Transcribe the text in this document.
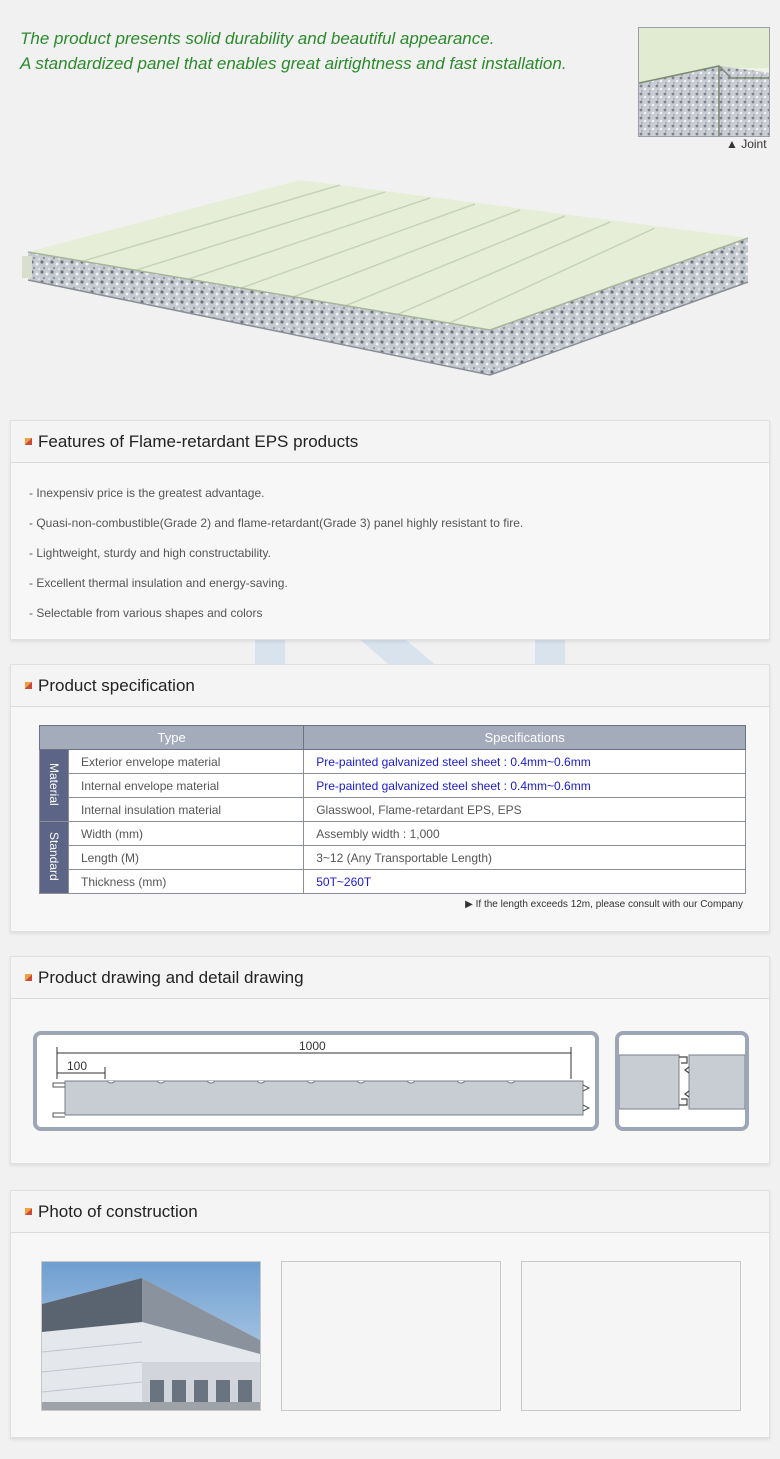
The product presents solid durability and beautiful appearance.
A standardized panel that enables great airtightness and fast installation.
▲ Joint
Features of Flame-retardant EPS products
- Inexpensiv price is the greatest advantage.
- Quasi-non-combustible(Grade 2) and flame-retardant(Grade 3) panel highly resistant to fire.
- Lightweight, sturdy and high constructability.
- Excellent thermal insulation and energy-saving.
- Selectable from various shapes and colors
Product specification
Type		Specifications
Material	Exterior envelope material	Pre-painted galvanized steel sheet : 0.4mm~0.6mm
	Internal envelope material	Pre-painted galvanized steel sheet : 0.4mm~0.6mm
	Internal insulation material	Glasswool, Flame-retardant EPS, EPS
Standard	Width (mm)	Assembly width : 1,000
	Length (M)	3~12 (Any Transportable Length)
	Thickness (mm)	50T~260T
▶ If the length exceeds 12m, please consult with our Company
Product drawing and detail drawing
1000
100
Photo of construction
